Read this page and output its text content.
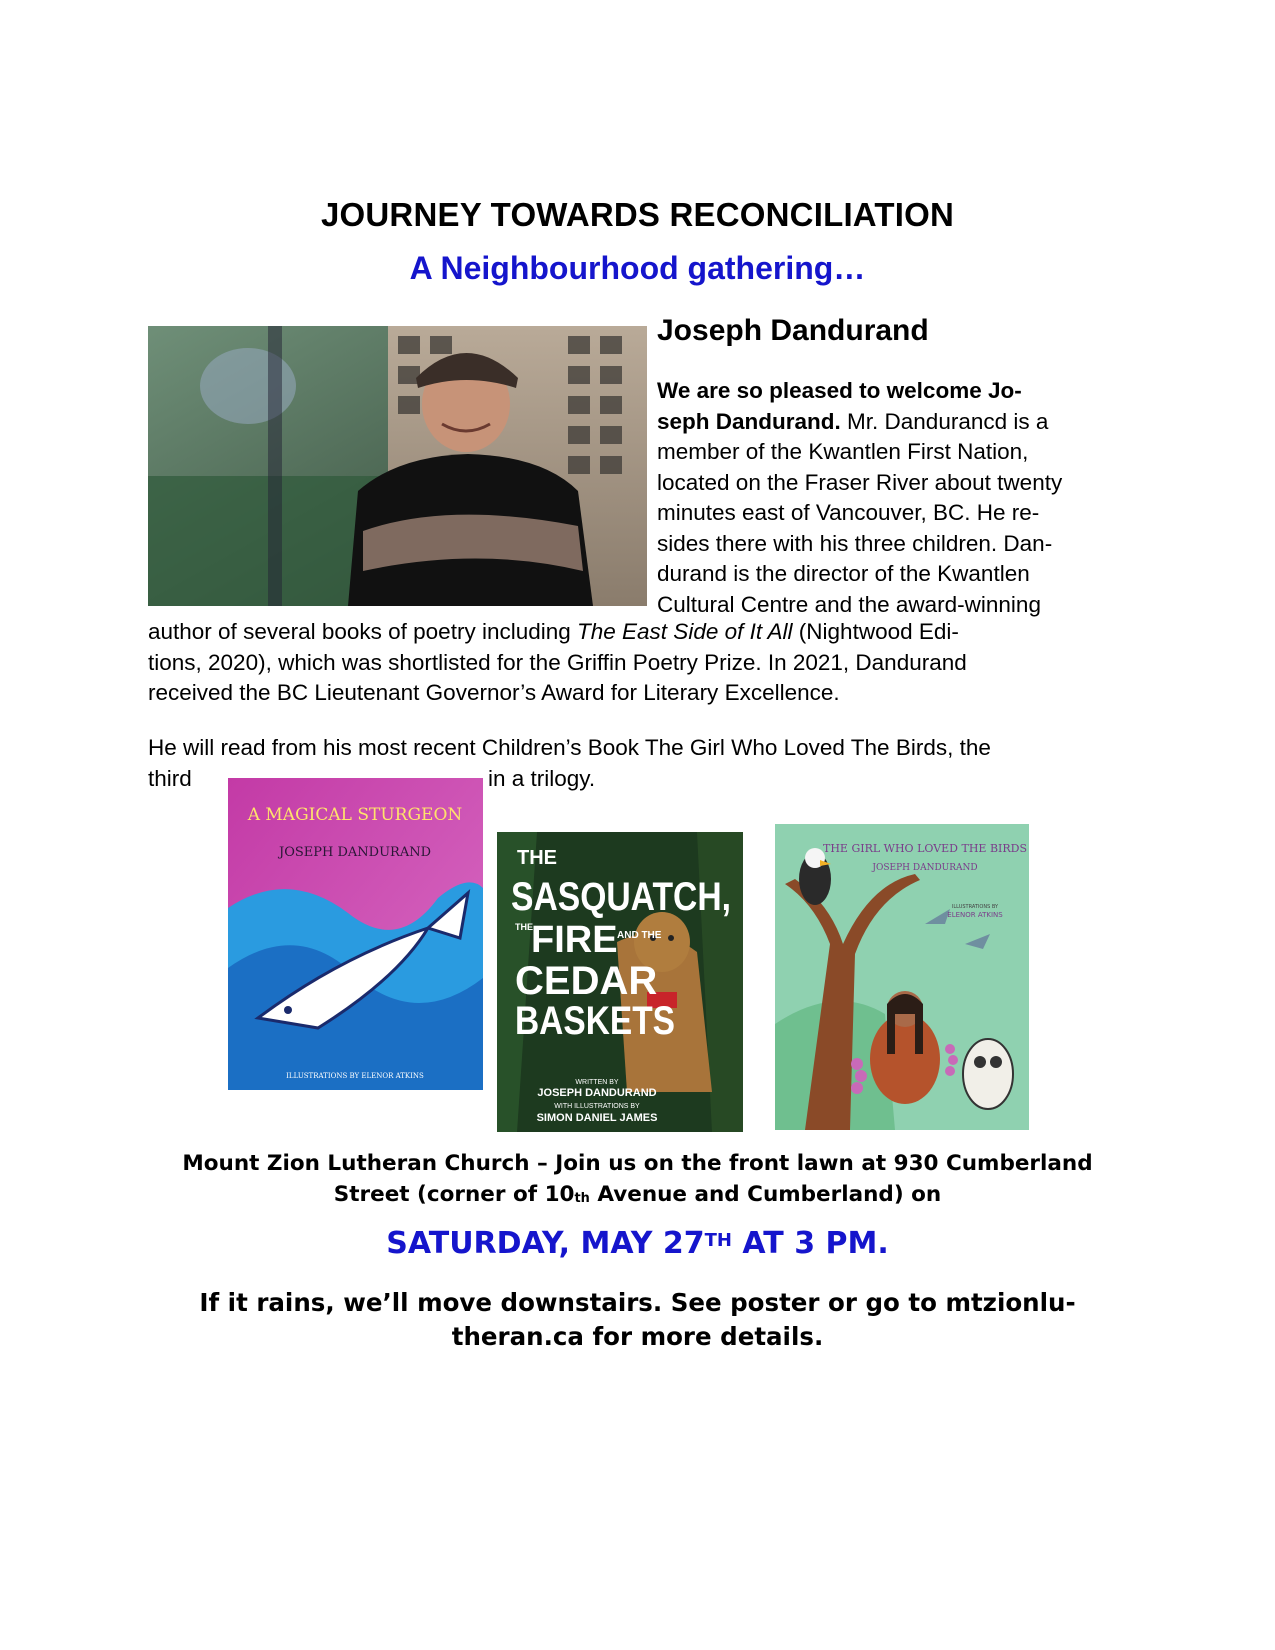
JOURNEY TOWARDS RECONCILIATION
A Neighbourhood gathering…
Joseph Dandurand
We are so pleased to welcome Jo-
seph Dandurand. Mr. Dandurancd is a
member of the Kwantlen First Nation,
located on the Fraser River about twenty
minutes east of Vancouver, BC. He re-
sides there with his three children. Dan-
durand is the director of the Kwantlen
Cultural Centre and the award-winning
author of several books of poetry including The East Side of It All (Nightwood Edi-
tions, 2020), which was shortlisted for the Griffin Poetry Prize. In 2021, Dandurand
received the BC Lieutenant Governor’s Award for Literary Excellence.
He will read from his most recent Children’s Book The Girl Who Loved The Birds, the
third	in a trilogy.
A MAGICAL STURGEON
JOSEPH DANDURAND
ILLUSTRATIONS BY ELENOR ATKINS
THE
SASQUATCH,
THE
FIRE AND THE
CEDAR
BASKETS
WRITTEN BY
JOSEPH DANDURAND
WITH ILLUSTRATIONS BY
SIMON DANIEL JAMES
THE GIRL WHO LOVED THE BIRDS
JOSEPH DANDURAND
ILLUSTRATIONS BY
ELENOR ATKINS
Mount Zion Lutheran Church – Join us on the front lawn at 930 Cumberland
Street (corner of 10th Avenue and Cumberland) on
SATURDAY, MAY 27TH AT 3 PM.
If it rains, we’ll move downstairs. See poster or go to mtzionlu-
theran.ca for more details.
